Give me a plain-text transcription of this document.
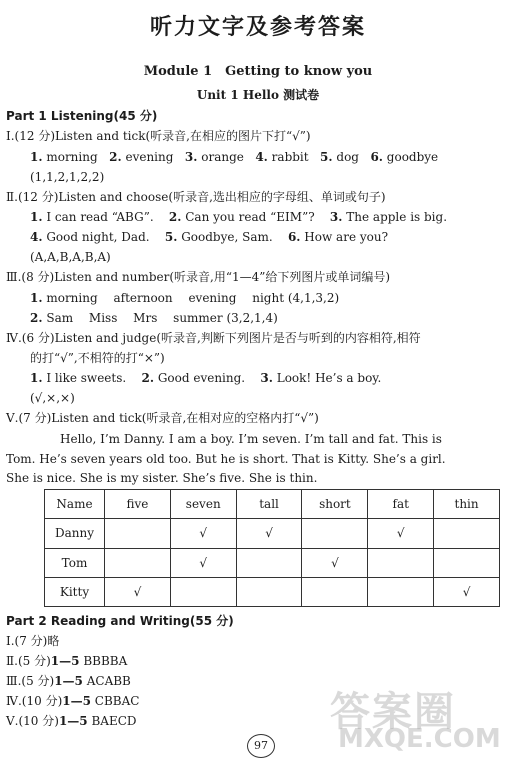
听力文字及参考答案
Module 1　Getting to know you
Unit 1 Hello 测试卷
Part 1 Listening(45 分)
Ⅰ.(12 分)Listen and tick(听录音,在相应的图片下打“√”)
1. morning 2. evening 3. orange 4. rabbit 5. dog 6. goodbye
(1,1,2,1,2,2)
Ⅱ.(12 分)Listen and choose(听录音,选出相应的字母组、单词或句子)
1. I can read “ABG”. 2. Can you read “EIM”? 3. The apple is big.
4. Good night, Dad. 5. Goodbye, Sam. 6. How are you?
(A,A,B,A,B,A)
Ⅲ.(8 分)Listen and number(听录音,用“1—4”给下列图片或单词编号)
1. morning　 afternoon　 evening　 night (4,1,3,2)
2. Sam　 Miss　 Mrs　 summer (3,2,1,4)
Ⅳ.(6 分)Listen and judge(听录音,判断下列图片是否与听到的内容相符,相符
的打“√”,不相符的打“×”)
1. I like sweets. 2. Good evening. 3. Look! He’s a boy.
(√,×,×)
Ⅴ.(7 分)Listen and tick(听录音,在相对应的空格内打“√”)
Hello, I’m Danny. I am a boy. I’m seven. I’m tall and fat. This is
Tom. He’s seven years old too. But he is short. That is Kitty. She’s a girl.
She is nice. She is my sister. She’s five. She is thin.
Name	five	seven	tall	short	fat	thin
Danny		√	√		√	
Tom		√		√		
Kitty	√					√
Part 2 Reading and Writing(55 分)
Ⅰ.(7 分)略
Ⅱ.(5 分)1—5 BBBBA
Ⅲ.(5 分)1—5 ACABB
Ⅳ.(10 分)1—5 CBBAC
Ⅴ.(10 分)1—5 BAECD	答案圈
MXQE.COM
97
